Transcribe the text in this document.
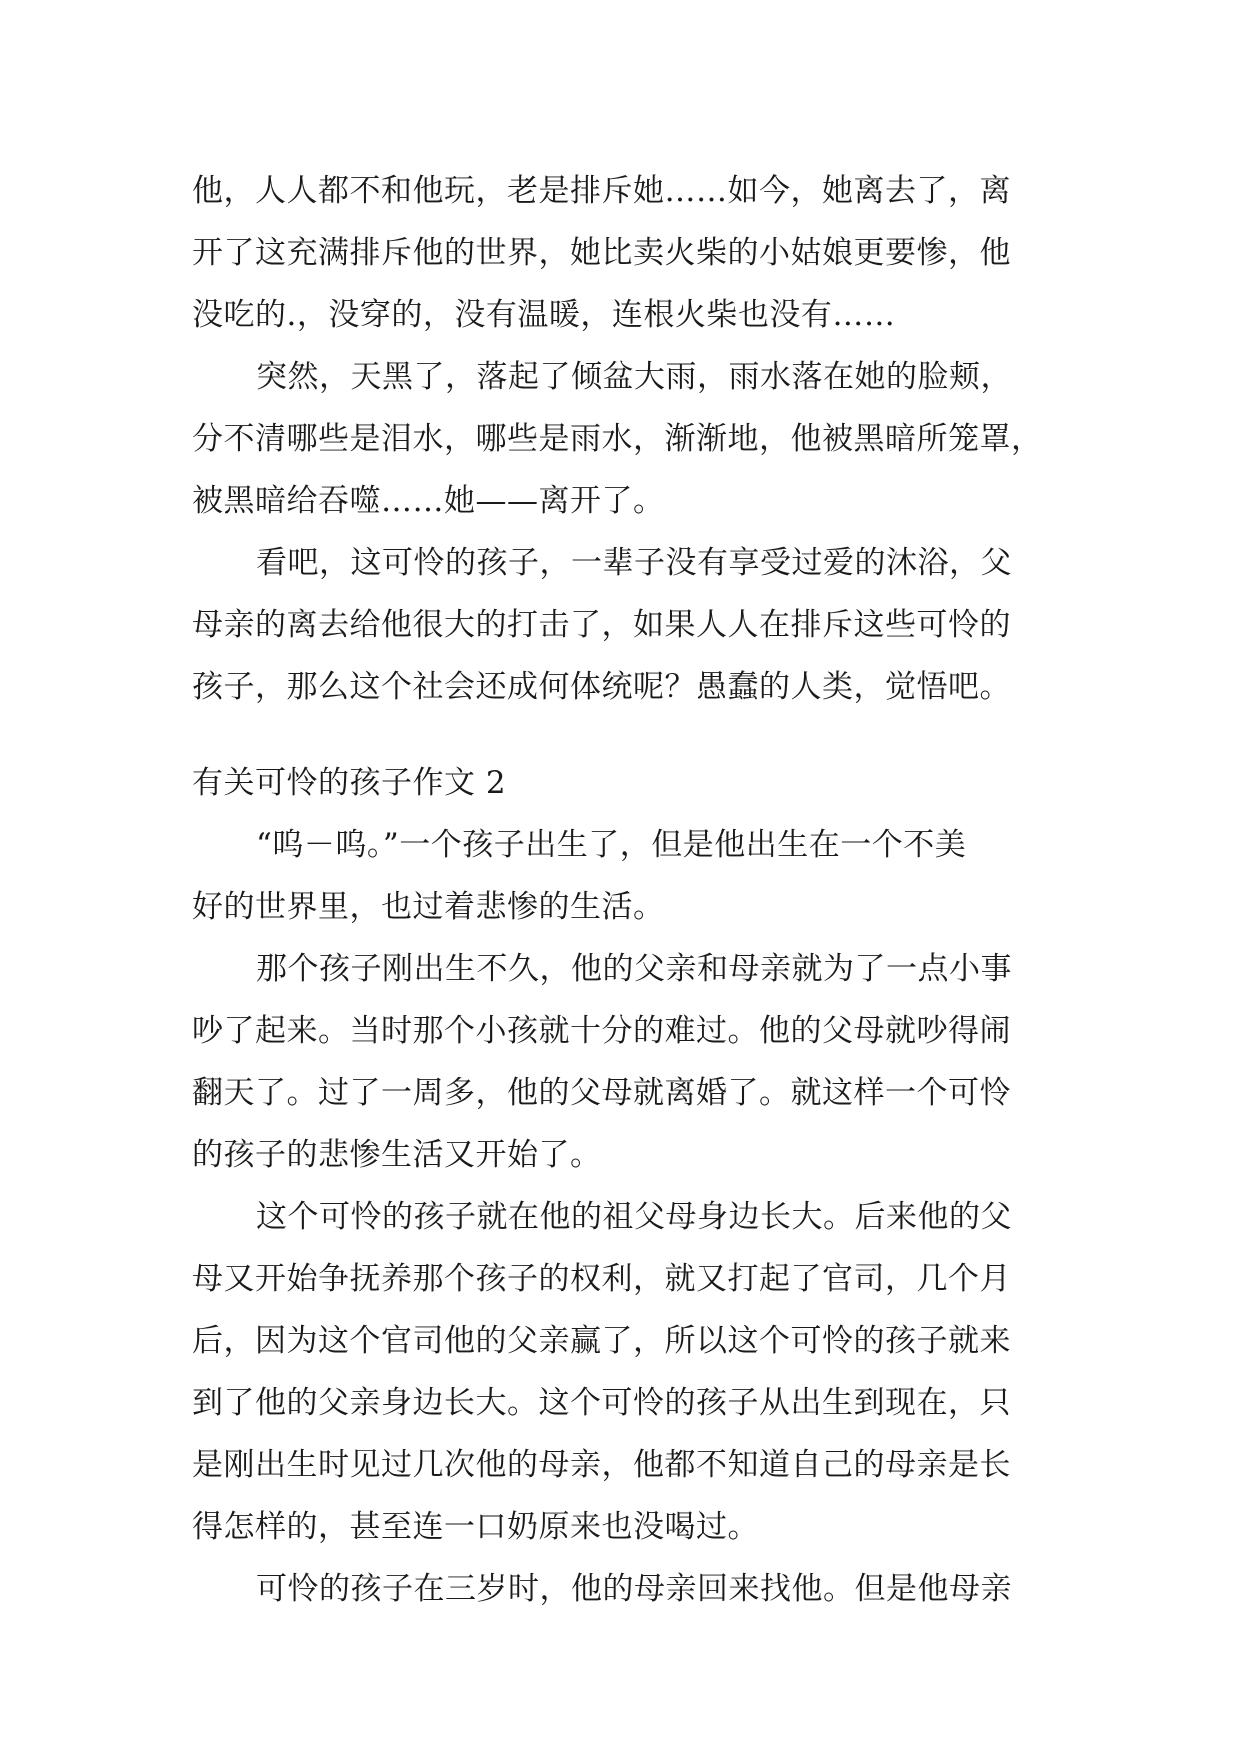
他，人人都不和他玩，老是排斥她……如今，她离去了，离
开了这充满排斥他的世界，她比卖火柴的小姑娘更要惨，他
没吃的.，没穿的，没有温暖，连根火柴也没有……
突然，天黑了，落起了倾盆大雨，雨水落在她的脸颊，
分不清哪些是泪水，哪些是雨水，渐渐地，他被黑暗所笼罩，
被黑暗给吞噬……她——离开了。
看吧，这可怜的孩子，一辈子没有享受过爱的沐浴，父
母亲的离去给他很大的打击了，如果人人在排斥这些可怜的
孩子，那么这个社会还成何体统呢？愚蠢的人类，觉悟吧。
有关可怜的孩子作文 2
“呜－呜。”一个孩子出生了，但是他出生在一个不美
好的世界里，也过着悲惨的生活。
那个孩子刚出生不久，他的父亲和母亲就为了一点小事
吵了起来。当时那个小孩就十分的难过。他的父母就吵得闹
翻天了。过了一周多，他的父母就离婚了。就这样一个可怜
的孩子的悲惨生活又开始了。
这个可怜的孩子就在他的祖父母身边长大。后来他的父
母又开始争抚养那个孩子的权利，就又打起了官司，几个月
后，因为这个官司他的父亲赢了，所以这个可怜的孩子就来
到了他的父亲身边长大。这个可怜的孩子从出生到现在，只
是刚出生时见过几次他的母亲，他都不知道自己的母亲是长
得怎样的，甚至连一口奶原来也没喝过。
可怜的孩子在三岁时，他的母亲回来找他。但是他母亲
